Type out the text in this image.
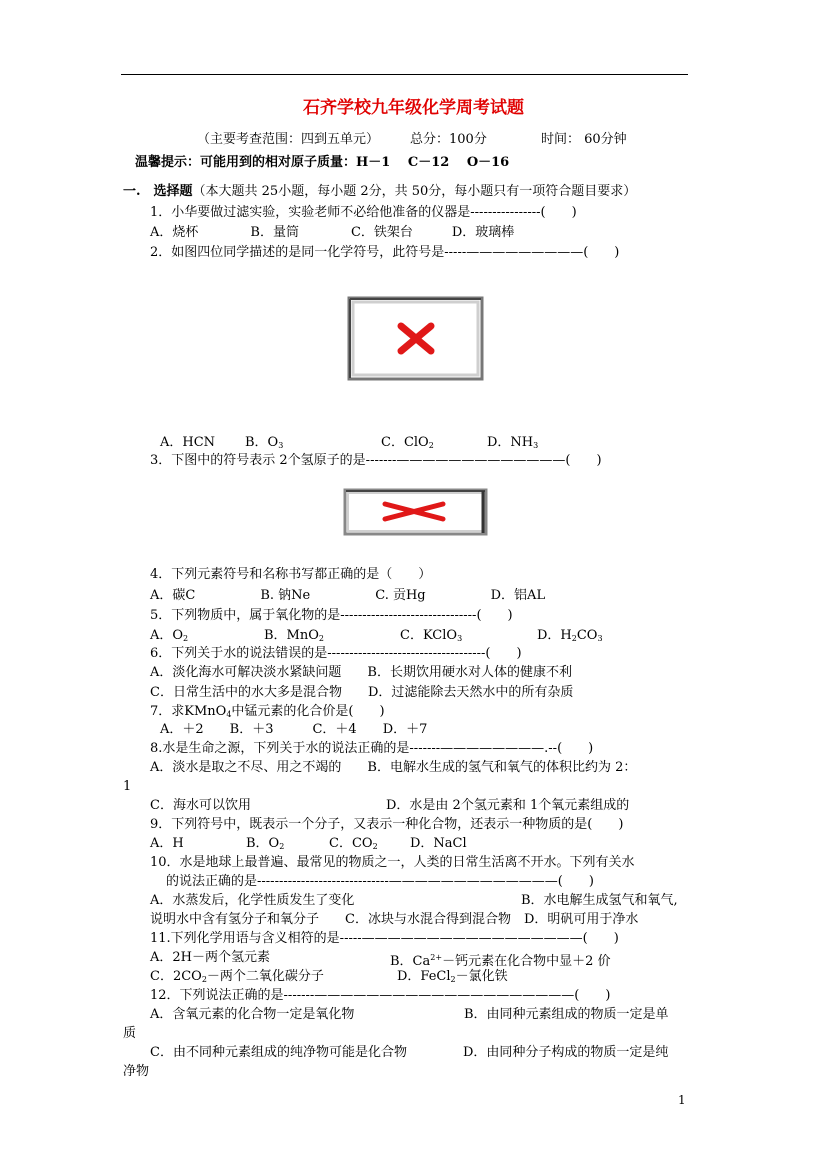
石齐学校九年级化学周考试题
（主要考查范围：四到五单元） 总分：100分	时间： 60分钟
温馨提示：可能用到的相对原子质量：H－1　 C－12　 O－16
一.　选择题（本大题共 25小题，每小题 2分，共 50分，每小题只有一项符合题目要求）
1．小华要做过滤实验，实验老师不必给他准备的仪器是----------------(　　)
A．烧杯　　　　B．量筒　　　　C．铁架台　　　D．玻璃棒
2．如图四位同学描述的是同一化学符号，此符号是-----—————————(　　)
A．HCN B．$O_3$	C．ClO$_2$	D．$NH_3$
3．下图中的符号表示 2个氢原子的是-------—————————————(　　)
4．下列元素符号和名称书写都正确的是（　　）
A．碳C　　　　　B. 钠Ne　　　　　C. 贡Hg　　　　　D．铝AL
5．下列物质中，属于氧化物的是-------------------------------(　　)
A．$O_2$	B．MnO$_2$	C．KClO$_3$	D．$H_2CO_3$
6．下列关于水的说法错误的是------------------------------------(　　)
A．淡化海水可解决淡水紧缺问题　　B．长期饮用硬水对人体的健康不利
C．日常生活中的水大多是混合物　　D．过滤能除去天然水中的所有杂质
7．求KMnO$_4$中锰元素的化合价是(　　)
A．＋2　　B．＋3　　　C．＋4　　D．＋7
8.水是生命之源，下列关于水的说法正确的是-------————————.--(　　)
A．淡水是取之不尽、用之不竭的　　B．电解水生成的氢气和氧气的体积比约为 2：
1
C．海水可以饮用	D．水是由 2个氢元素和 1个氧元素组成的
9．下列符号中，既表示一个分子，又表示一种化合物，还表示一种物质的是(　　)
A．H	B．$O_2$	C．$CO_2$ D．NaCl
10．水是地球上最普遍、最常见的物质之一，人类的日常生活离不开水。下列有关水
的说法正确的是------------------------------—————————————(　　)
A．水蒸发后，化学性质发生了变化	B．水电解生成氢气和氧气,
说明水中含有氢分子和氧分子　　C．冰块与水混合得到混合物　D．明矾可用于净水
11.下列化学用语与含义相符的是-----—————————————————(　　)
A．2H－两个氢元素	B．$Ca^{2+}-$钙元素在化合物中显＋2 价
C．$2CO_2-$两个二氧化碳分子	D．FeCl$_2$－氯化铁
12．下列说法正确的是-------————————————————————(　　)
A．含氧元素的化合物一定是氧化物	B．由同种元素组成的物质一定是单
质
C．由不同种元素组成的纯净物可能是化合物	D．由同种分子构成的物质一定是纯
净物
1
